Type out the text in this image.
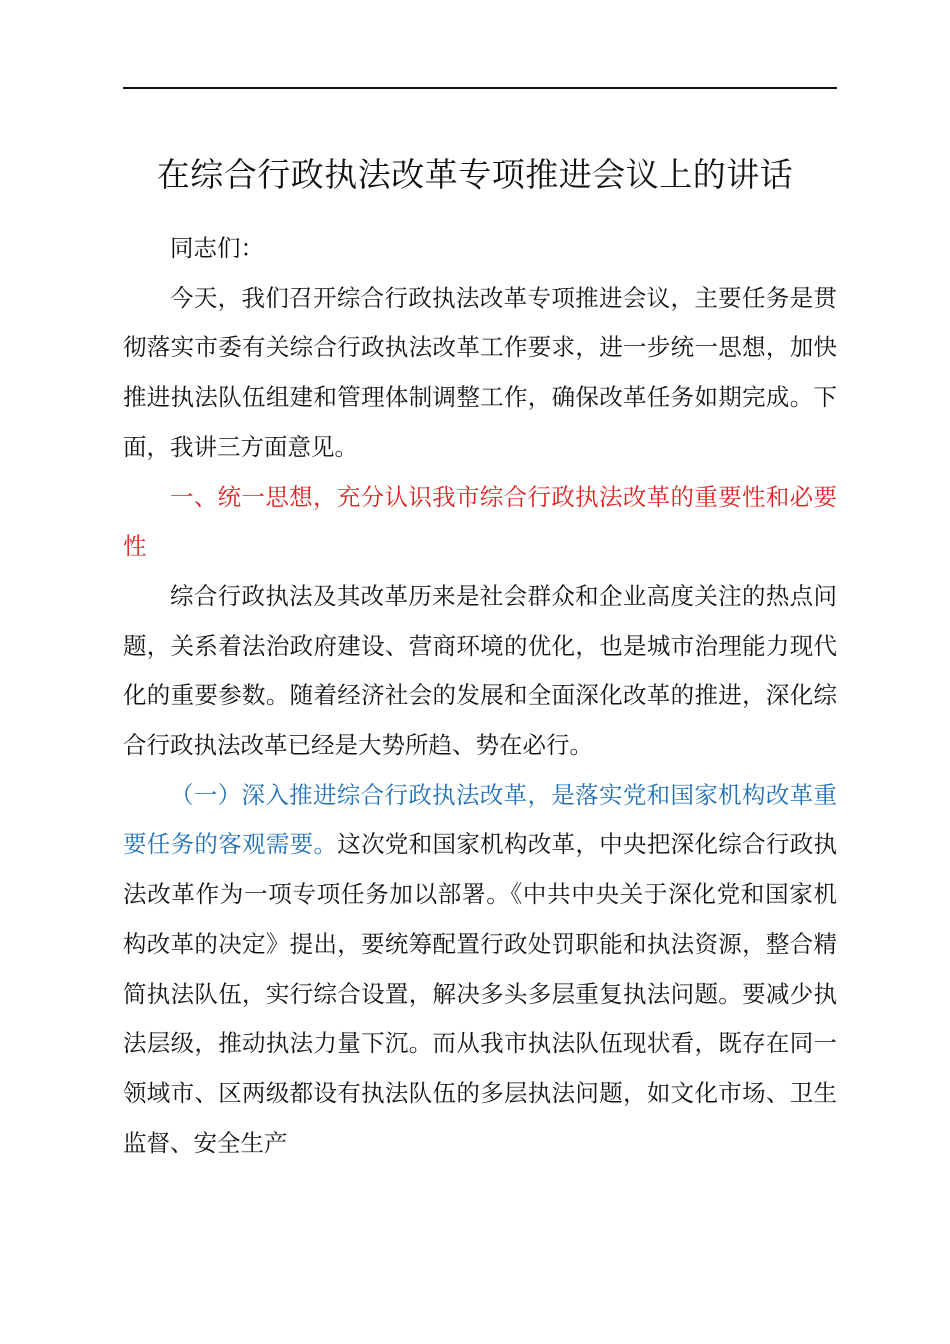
在综合行政执法改革专项推进会议上的讲话

同志们：

今天，我们召开综合行政执法改革专项推进会议，主要任务是贯彻落实市委有关综合行政执法改革工作要求，进一步统一思想，加快推进执法队伍组建和管理体制调整工作，确保改革任务如期完成。下面，我讲三方面意见。

一、统一思想，充分认识我市综合行政执法改革的重要性和必要性

综合行政执法及其改革历来是社会群众和企业高度关注的热点问题，关系着法治政府建设、营商环境的优化，也是城市治理能力现代化的重要参数。随着经济社会的发展和全面深化改革的推进，深化综合行政执法改革已经是大势所趋、势在必行。

（一）深入推进综合行政执法改革，是落实党和国家机构改革重要任务的客观需要。这次党和国家机构改革，中央把深化综合行政执法改革作为一项专项任务加以部署。《中共中央关于深化党和国家机构改革的决定》提出，要统筹配置行政处罚职能和执法资源，整合精简执法队伍，实行综合设置，解决多头多层重复执法问题。要减少执法层级，推动执法力量下沉。而从我市执法队伍现状看，既存在同一领域市、区两级都设有执法队伍的多层执法问题，如文化市场、卫生监督、安全生产
